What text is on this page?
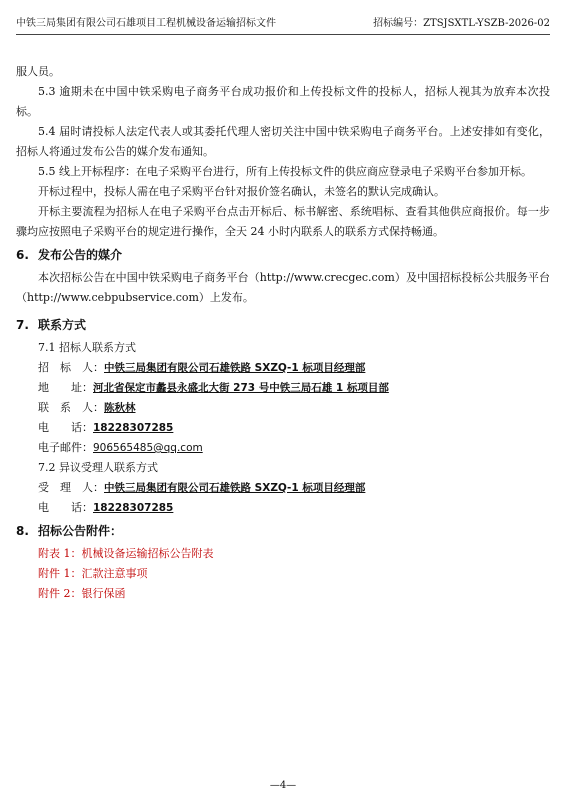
中铁三局集团有限公司石雄项目工程机械设备运输招标文件	招标编号：ZTSJSXTL-YSZB-2026-02

服人员。

5.3 逾期未在中国中铁采购电子商务平台成功报价和上传投标文件的投标人，招标人视其为放弃本次投标。

5.4 届时请投标人法定代表人或其委托代理人密切关注中国中铁采购电子商务平台。上述安排如有变化，招标人将通过发布公告的媒介发布通知。

5.5 线上开标程序：在电子采购平台进行，所有上传投标文件的供应商应登录电子采购平台参加开标。

开标过程中，投标人需在电子采购平台针对报价签名确认，未签名的默认完成确认。

开标主要流程为招标人在电子采购平台点击开标后、标书解密、系统唱标、查看其他供应商报价。每一步骤均应按照电子采购平台的规定进行操作，全天 24 小时内联系人的联系方式保持畅通。

6. 发布公告的媒介

本次招标公告在中国中铁采购电子商务平台（http://www.crecgec.com）及中国招标投标公共服务平台 （http://www.cebpubservice.com）上发布。

7. 联系方式

7.1 招标人联系方式

招　标　人：中铁三局集团有限公司石雄铁路 SXZQ-1 标项目经理部

地　　址：河北省保定市蠡县永盛北大街 273 号中铁三局石雄 1 标项目部

联　系　人：陈秋林

电　　话：18228307285

电子邮件：906565485@qq.com

7.2 异议受理人联系方式

受　理　人：中铁三局集团有限公司石雄铁路 SXZQ-1 标项目经理部

电　　话：18228307285

8. 招标公告附件：

附表 1：机械设备运输招标公告附表

附件 1：汇款注意事项

附件 2：银行保函

—4—
